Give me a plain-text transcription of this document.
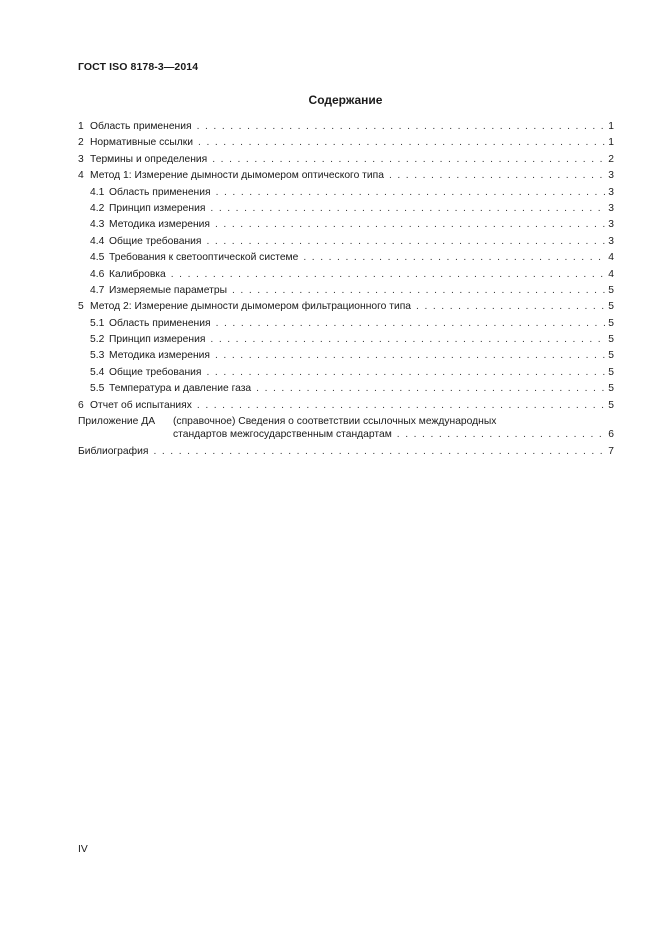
ГОСТ ISO 8178-3—2014
Содержание
1 Область применения . . .	1
2 Нормативные ссылки . . .	1
3 Термины и определения . . .	2
4 Метод 1: Измерение дымности дымомером оптического типа . . .	3
4.1 Область применения . . .	3
4.2 Принцип измерения . . .	3
4.3 Методика измерения . . .	3
4.4 Общие требования . . .	3
4.5 Требования к светооптической системе . . .	4
4.6 Калибровка . . .	4
4.7 Измеряемые параметры . . .	5
5 Метод 2: Измерение дымности дымомером фильтрационного типа . . .	5
5.1 Область применения . . .	5
5.2 Принцип измерения . . .	5
5.3 Методика измерения . . .	5
5.4 Общие требования . . .	5
5.5 Температура и давление газа . . .	5
6 Отчет об испытаниях . . .	5
Приложение ДА (справочное) Сведения о соответствии ссылочных международных
стандартов межгосударственным стандартам . . .	6
Библиография . . .	7
IV
